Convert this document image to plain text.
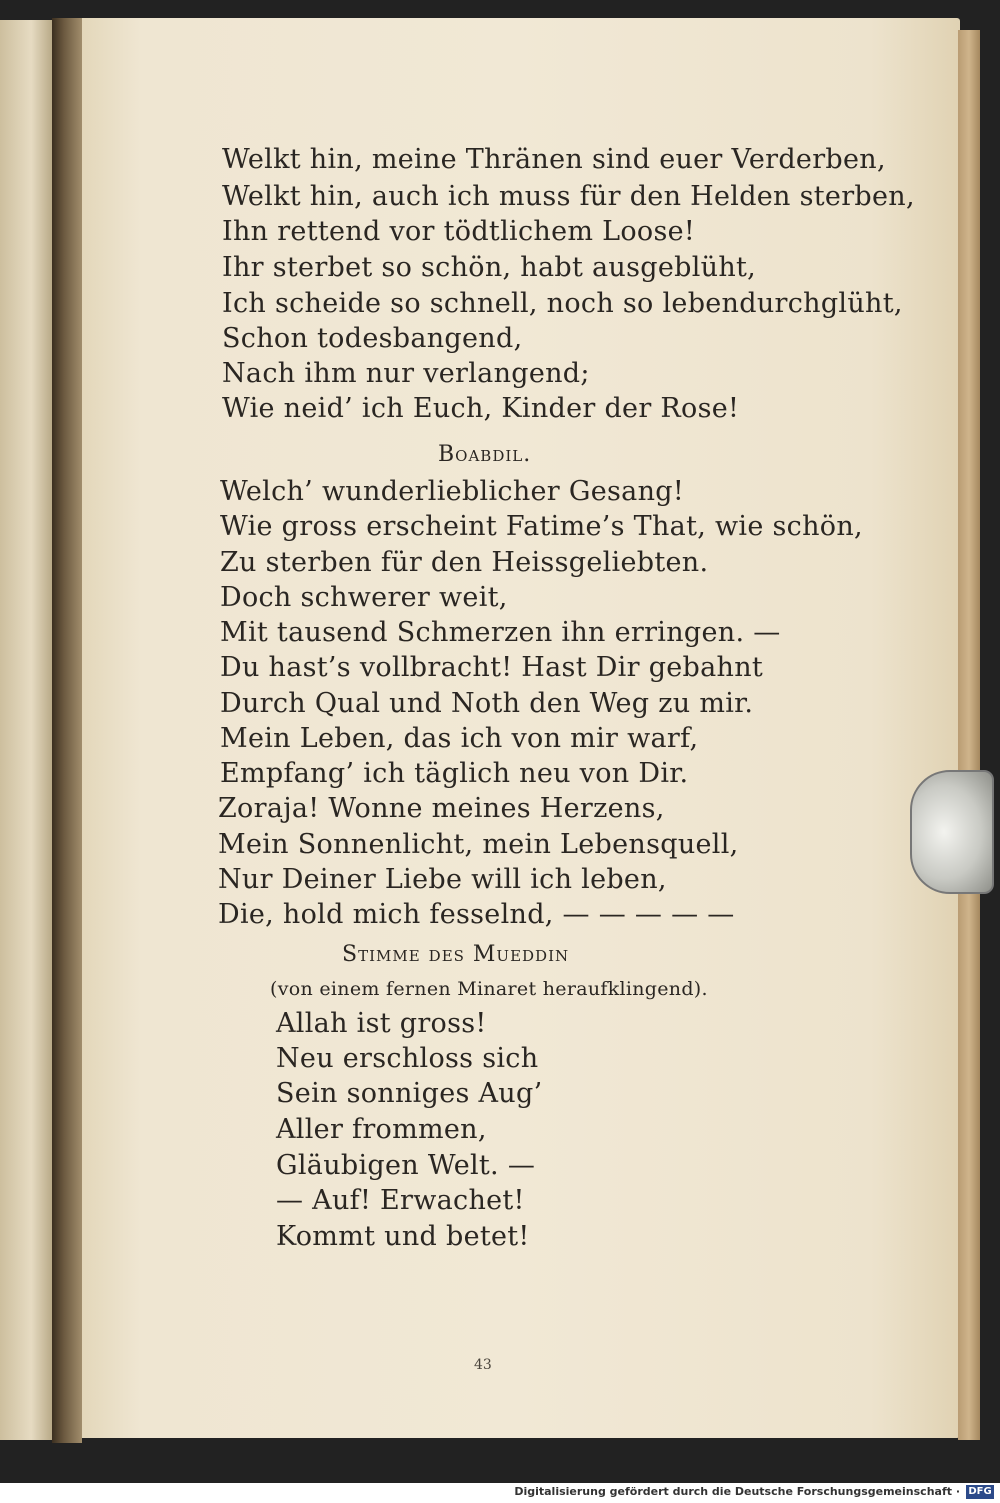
Welkt hin, meine Thränen sind euer Verderben,
Welkt hin, auch ich muss für den Helden sterben,
Ihn rettend vor tödtlichem Loose!
Ihr sterbet so schön, habt ausgeblüht,
Ich scheide so schnell, noch so lebendurchglüht,
Schon todesbangend,
Nach ihm nur verlangend;
Wie neid’ ich Euch, Kinder der Rose!
Boabdil.
Welch’ wunderlieblicher Gesang!
Wie gross erscheint Fatime’s That, wie schön,
Zu sterben für den Heissgeliebten.
Doch schwerer weit,
Mit tausend Schmerzen ihn erringen. —
Du hast’s vollbracht! Hast Dir gebahnt
Durch Qual und Noth den Weg zu mir.
Mein Leben, das ich von mir warf,
Empfang’ ich täglich neu von Dir.
Zoraja! Wonne meines Herzens,
Mein Sonnenlicht, mein Lebensquell,
Nur Deiner Liebe will ich leben,
Die, hold mich fesselnd, — — — — —
Stimme des Mueddin
(von einem fernen Minaret heraufklingend).
Allah ist gross!
Neu erschloss sich
Sein sonniges Aug’
Aller frommen,
Gläubigen Welt. —
— Auf! Erwachet!
Kommt und betet!
43
Digitalisierung gefördert durch die Deutsche Forschungsgemeinschaft · DFG
